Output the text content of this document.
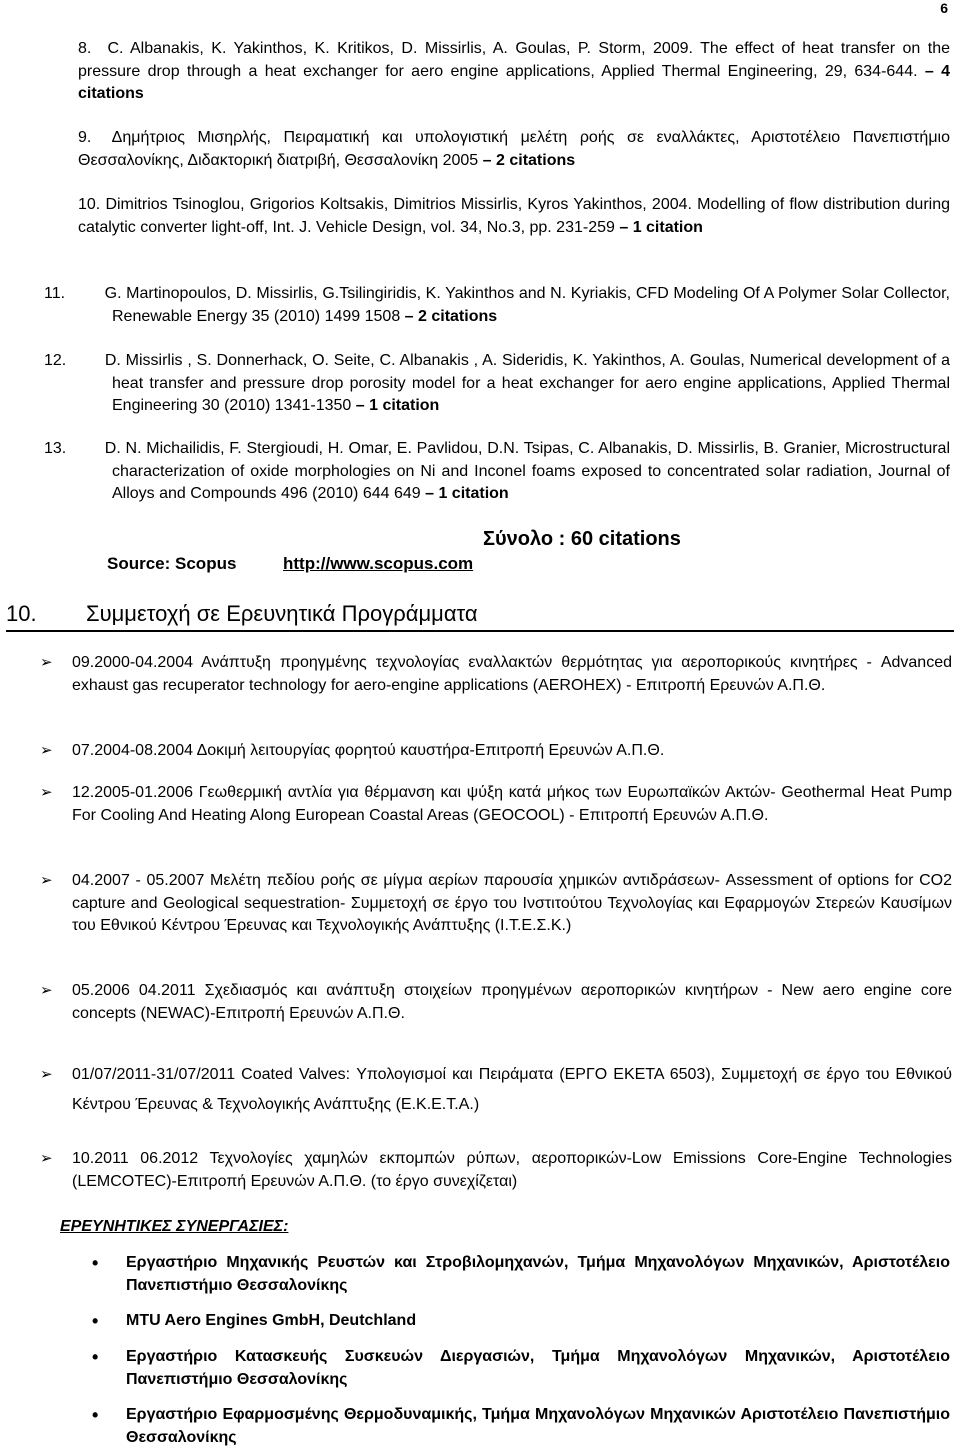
6
8. C. Albanakis, K. Yakinthos, K. Kritikos, D. Missirlis, A. Goulas, P. Storm, 2009. The effect of heat transfer on the pressure drop through a heat exchanger for aero engine applications, Applied Thermal Engineering, 29, 634-644. – 4 citations
9. Δημήτριος Μισηρλής, Πειραματική και υπολογιστική μελέτη ροής σε εναλλάκτες, Αριστοτέλειο Πανεπιστήμιο Θεσσαλονίκης, Διδακτορική διατριβή, Θεσσαλονίκη 2005 – 2 citations
10. Dimitrios Tsinoglou, Grigorios Koltsakis, Dimitrios Missirlis, Kyros Yakinthos, 2004. Modelling of flow distribution during catalytic converter light-off, Int. J. Vehicle Design, vol. 34, No.3, pp. 231-259 – 1 citation
11. G. Martinopoulos, D. Missirlis, G.Tsilingiridis, K. Yakinthos and N. Kyriakis, CFD Modeling Of A Polymer Solar Collector, Renewable Energy 35 (2010) 1499 1508 – 2 citations
12. D. Missirlis , S. Donnerhack, O. Seite, C. Albanakis , A. Sideridis, K. Yakinthos, A. Goulas, Numerical development of a heat transfer and pressure drop porosity model for a heat exchanger for aero engine applications, Applied Thermal Engineering 30 (2010) 1341-1350 – 1 citation
13. D. N. Michailidis, F. Stergioudi, H. Omar, E. Pavlidou, D.N. Tsipas, C. Albanakis, D. Missirlis, B. Granier, Microstructural characterization of oxide morphologies on Ni and Inconel foams exposed to concentrated solar radiation, Journal of Alloys and Compounds 496 (2010) 644 649 – 1 citation
Σύνολο : 60 citations
Source: Scopus	http://www.scopus.com
10. Συμμετοχή σε Ερευνητικά Προγράμματα
➢ 09.2000-04.2004 Ανάπτυξη προηγμένης τεχνολογίας εναλλακτών θερμότητας για αεροπορικούς κινητήρες - Advanced exhaust gas recuperator technology for aero-engine applications (AEROHEX) - Επιτροπή Ερευνών Α.Π.Θ.
➢ 07.2004-08.2004 Δοκιμή λειτουργίας φορητού καυστήρα-Επιτροπή Ερευνών Α.Π.Θ.
➢ 12.2005-01.2006 Γεωθερμική αντλία για θέρμανση και ψύξη κατά μήκος των Ευρωπαϊκών Ακτών- Geothermal Heat Pump For Cooling And Heating Along European Coastal Areas (GEOCOOL) - Επιτροπή Ερευνών Α.Π.Θ.
➢ 04.2007 - 05.2007 Μελέτη πεδίου ροής σε μίγμα αερίων παρουσία χημικών αντιδράσεων- Assessment of options for CO2 capture and Geological sequestration- Συμμετοχή σε έργο του Ινστιτούτου Τεχνολογίας και Εφαρμογών Στερεών Καυσίμων του Εθνικού Κέντρου Έρευνας και Τεχνολογικής Ανάπτυξης (Ι.Τ.Ε.Σ.Κ.)
➢ 05.2006 04.2011 Σχεδιασμός και ανάπτυξη στοιχείων προηγμένων αεροπορικών κινητήρων - New aero engine core concepts (NEWAC)-Επιτροπή Ερευνών Α.Π.Θ.
➢ 01/07/2011-31/07/2011 Coated Valves: Υπολογισμοί και Πειράματα (ΕΡΓΟ ΕΚΕΤΑ 6503), Συμμετοχή σε έργο του Εθνικού Κέντρου Έρευνας & Τεχνολογικής Ανάπτυξης (Ε.Κ.Ε.Τ.Α.)
➢ 10.2011 06.2012 Τεχνολογίες χαμηλών εκπομπών ρύπων, αεροπορικών-Low Emissions Core-Engine Technologies (LEMCOTEC)-Επιτροπή Ερευνών Α.Π.Θ. (το έργο συνεχίζεται)
ΕΡΕΥΝΗΤΙΚΕΣ ΣΥΝΕΡΓΑΣΙΕΣ:
• Εργαστήριο Μηχανικής Ρευστών και Στροβιλομηχανών, Τμήμα Μηχανολόγων Μηχανικών, Αριστοτέλειο Πανεπιστήμιο Θεσσαλονίκης
• MTU Aero Engines GmbH, Deutchland
• Εργαστήριο Κατασκευής Συσκευών Διεργασιών, Τμήμα Μηχανολόγων Μηχανικών, Αριστοτέλειο Πανεπιστήμιο Θεσσαλονίκης
• Εργαστήριο Εφαρμοσμένης Θερμοδυναμικής, Τμήμα Μηχανολόγων Μηχανικών Αριστοτέλειο Πανεπιστήμιο Θεσσαλονίκης
